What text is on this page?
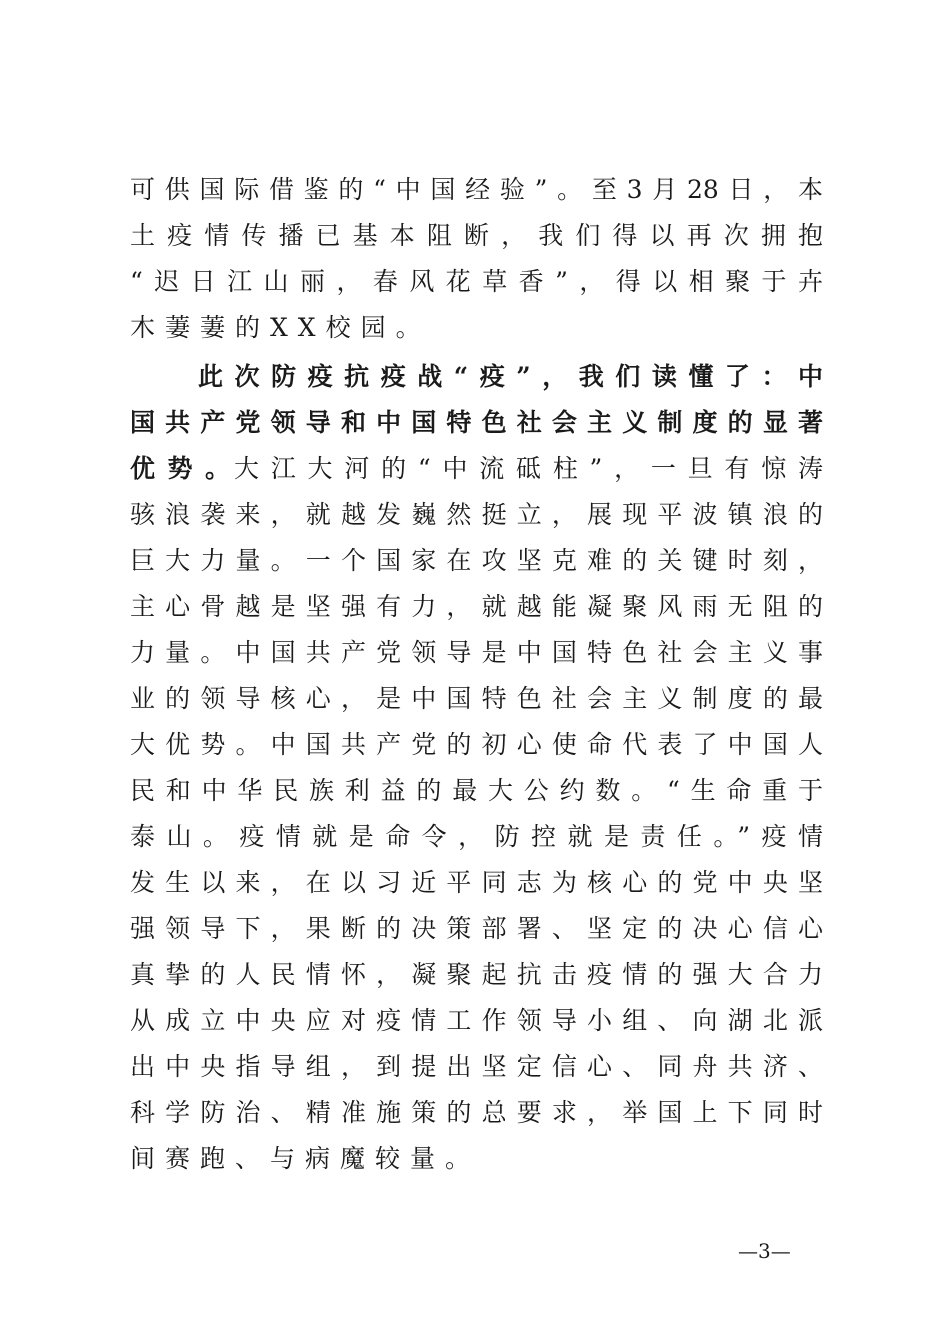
可供国际借鉴的“中国经验”。至3月28日，本
土疫情传播已基本阻断，我们得以再次拥抱
“迟日江山丽，春风花草香”，得以相聚于卉
木萋萋的XX校园。
此次防疫抗疫战“疫”，我们读懂了：中
国共产党领导和中国特色社会主义制度的显著
优势。 大江大河的“中流砥柱”，一旦有惊涛
骇浪袭来，就越发巍然挺立，展现平波镇浪的
巨大力量。一个国家在攻坚克难的关键时刻，
主心骨越是坚强有力，就越能凝聚风雨无阻的
力量。中国共产党领导是中国特色社会主义事
业的领导核心，是中国特色社会主义制度的最
大优势。中国共产党的初心使命代表了中国人
民和中华民族利益的最大公约数。“生命重于
泰山。疫情就是命令，防控就是责任。”疫情
发生以来，在以习近平同志为核心的党中央坚
强领导下，果断的决策部署、坚定的决心信心
真挚的人民情怀，凝聚起抗击疫情的强大合力
从成立中央应对疫情工作领导小组、向湖北派
出中央指导组，到提出坚定信心、同舟共济、
科学防治、精准施策的总要求，举国上下同时
间赛跑、与病魔较量。
—3—
